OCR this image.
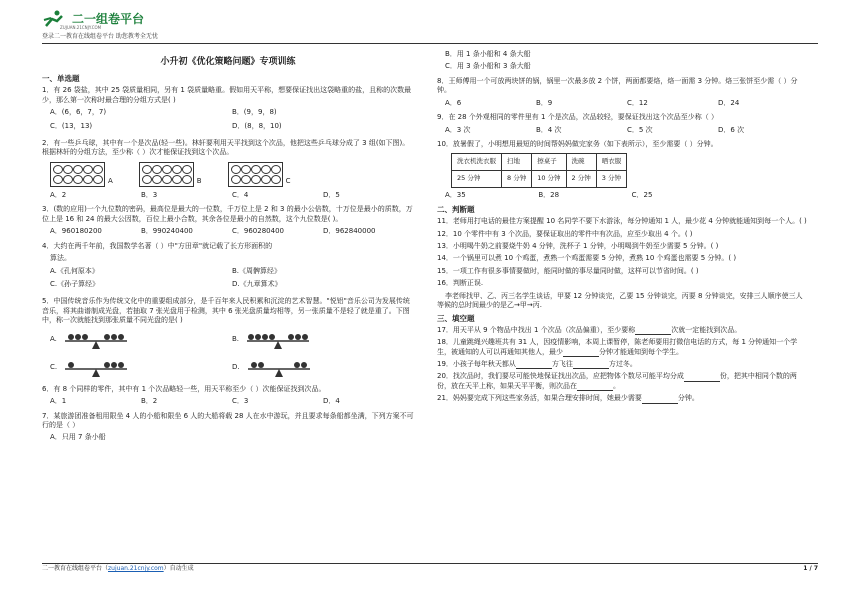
二一组卷平台
ZUJUAN.21CNJY.COM
登录二一教育在线组卷平台 助您教考全无忧
小升初《优化策略问题》专项训练
一、单选题
1．有 26 袋盐，其中 25 袋质量相同，另有 1 袋质量略重。假如用天平称，想要保证找出这袋略重的盐，且称的次数最少，那么第一次称时最合理的分组方式是( )
A．(6，6，7，7)	B．(9，9，8)
C．(13，13)	D．(8，8，10)
2．有一些乒乓球，其中有一个是次品(轻一些)。林轩要利用天平找到这个次品，他把这些乒乓球分成了 3 组(如下图)。根据林轩的分组方法，至少称（ ）次才能保证找到这个次品。
A	B	C
A．2	B．3	C．4	D．5
3．(数的应用)一个九位数的密码，最高位是最大的一位数，千万位上是 2 和 3 的最小公倍数，十万位是最小的质数，万位上是 16 和 24 的最大公因数，百位上最小合数，其余各位是最小的自然数，这个九位数是( )。
A．960180200	B．990240400	C．960280400	D．962840000
4．大约在两千年前，我国数学名著（ ）中"方田章"就记载了长方形面积的
算法。
A.《孔何原本》	B.《周髀算经》
C.《孙子算经》	D.《九章算术》
5．中国传统音乐作为传统文化中的重要组成部分，是千百年来人民积累和沉淀的艺术智慧。"悦铝"音乐公司为发展传统音乐，将其曲谱制成光盘，若抽取 7 张光盘用于检测，其中 6 张光盘质量均相等，另一张质量不是轻了就是重了。下图中，称一次就能找到那张质量不同光盘的是( )
A.	B.
C.	D.
6．有 8 个同样的零件，其中有 1 个次品略轻一些，用天平称至少（ ）次能保证找到次品。
A．1	B．2	C．3	D．4
7．某旅游团准备租用限坐 4 人的小船和限坐 6 人的大船将载 28 人在水中游玩，并且要求每条船都坐满，下列方案不可行的是（ ）
A．只用 7 条小船
B．用 1 条小船和 4 条大船
C．用 3 条小船和 3 条大船
8．王师傅用一个可放两块饼的锅，锅里一次最多放 2 个饼，两面都要烙，烙一面需 3 分钟。烙三张饼至少需（ ）分钟。
A．6	B．9	C．12	D．24
9．在 28 个外观相同的零件里有 1 个是次品，次品较轻，要保证找出这个次品至少称（ ）
A．3 次	B．4 次	C．5 次	D．6 次
10．放暑假了，小明想用最短的时间帮妈妈做完家务（如下表所示），至少需要（ ）分钟。
洗衣机洗衣服	扫地	擦桌子	洗碗	晒衣服
25 分钟	8 分钟	10 分钟	2 分钟	3 分钟
A．35	B．28	C．25
二、判断题
11．老师用打电话的最佳方案提醒 10 名同学不要下水游泳，每分钟通知 1 人，最少花 4 分钟就能通知到每一个人。( )
12．10 个零件中有 3 个次品，要保证取出的零件中有次品，应至少取出 4 个。( )
13．小明喝牛奶之前要烧牛奶 4 分钟，洗杯子 1 分钟，小明喝到牛奶至少需要 5 分钟。( )
14．一个锅里可以煮 10 个鸡蛋，煮熟一个鸡蛋需要 5 分钟，煮熟 10 个鸡蛋也需要 5 分钟。( )
15．一项工作有很多事情要做时，能同时做的事尽量同时做，这样可以节省时间。( )
16．判断正误.
李老师找甲、乙、丙三名学生谈话，甲要 12 分钟谈完，乙要 15 分钟谈完，丙要 8 分钟谈完，安排三人顺序使三人等候的总时间最少的是乙→甲→丙.
三、填空题
17．用天平从 9 个物品中找出 1 个次品（次品偏重），至少要称	次就一定能找到次品。
18．儿童跳绳兴趣班共有 31 人，因疫情影响，本周上课暂停，陈老师要用打微信电话的方式，每 1 分钟通知一个学生，被通知的人可以再通知其他人，最少	分钟才能通知到每个学生。
19．小孩子每年秋天都从	方飞往	方过冬。
20．找次品时，我们要尽可能快地保证找出次品，应把物体个数尽可能平均分成	份，把其中相同个数的两份，放在天平上称，如果天平平衡，则次品在	。
21．妈妈要完成下列这些家务活，如果合理安排时间，她最少需要	分钟。
二一教育在线组卷平台（zujuan.21cnjy.com）自动生成	1 / 7
